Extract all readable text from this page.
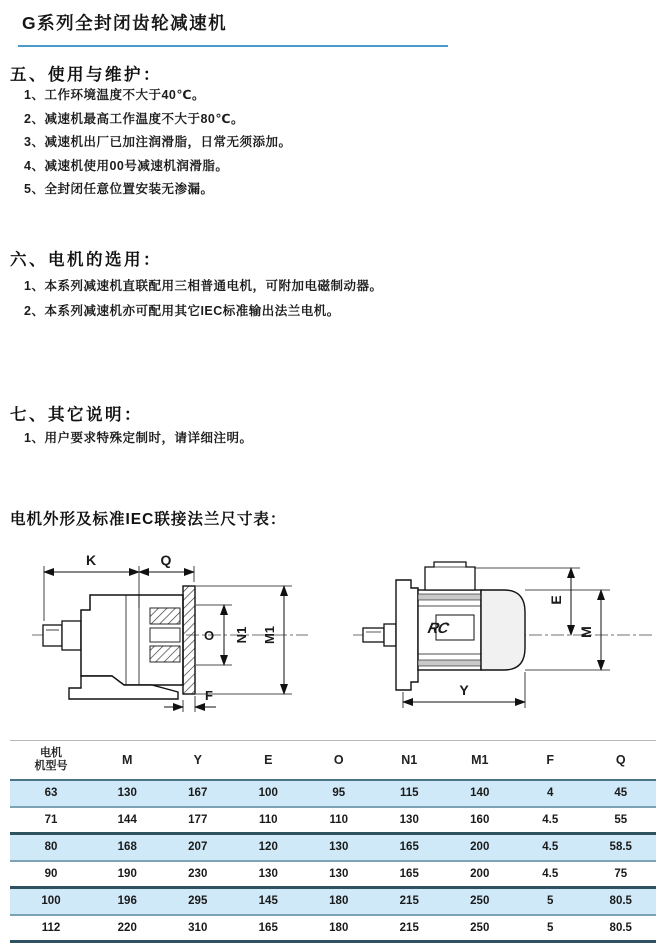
G系列全封闭齿轮减速机
五、使用与维护：
1、工作环境温度不大于40℃。
2、减速机最高工作温度不大于80℃。
3、减速机出厂已加注润滑脂，日常无须添加。
4、减速机使用00号减速机润滑脂。
5、全封闭任意位置安装无渗漏。
六、电机的选用：
1、本系列减速机直联配用三相普通电机，可附加电磁制动器。
2、本系列减速机亦可配用其它IEC标准输出法兰电机。
七、其它说明：
1、用户要求特殊定制时，请详细注明。
电机外形及标准IEC联接法兰尺寸表：
K	Q
O N1 M1
F
RC
E
M
Y
电机
机型号	M	Y	E	O	N1	M1	F	Q
63	130	167	100	95	115	140	4	45
71	144	177	110	110	130	160	4.5	55
80	168	207	120	130	165	200	4.5	58.5
90	190	230	130	130	165	200	4.5	75
100	196	295	145	180	215	250	5	80.5
112	220	310	165	180	215	250	5	80.5
